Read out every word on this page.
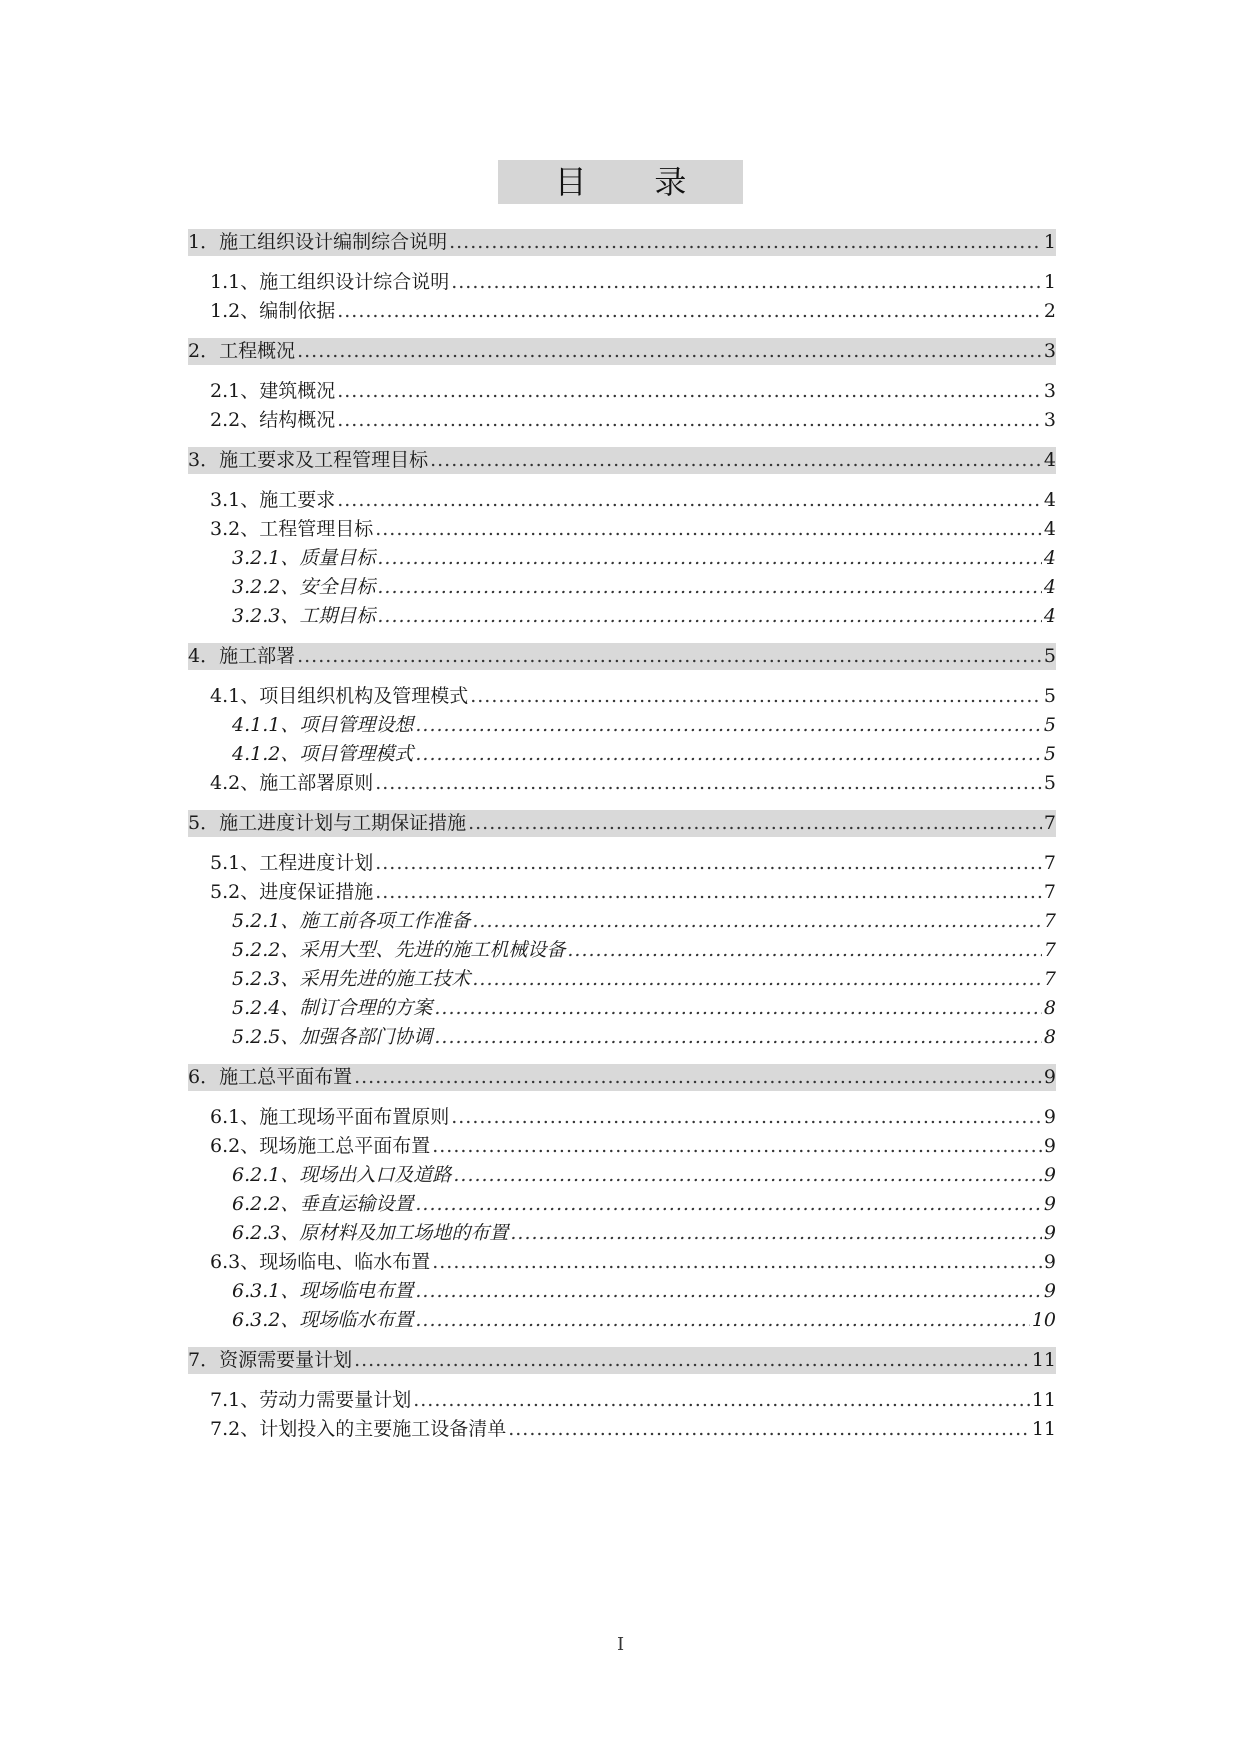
目 录
1．施工组织设计编制综合说明 .....	1
1.1、施工组织设计综合说明 .....	1
1.2、编制依据 .....	2
2．工程概况 .....	3
2.1、建筑概况 .....	3
2.2、结构概况 .....	3
3．施工要求及工程管理目标 .....	4
3.1、施工要求 .....	4
3.2、工程管理目标 .....	4
3.2.1、质量目标 .....	4
3.2.2、安全目标 .....	4
3.2.3、工期目标 .....	4
4．施工部署 .....	5
4.1、项目组织机构及管理模式 .....	5
4.1.1、项目管理设想 .....	5
4.1.2、项目管理模式 .....	5
4.2、施工部署原则 .....	5
5．施工进度计划与工期保证措施 .....	7
5.1、工程进度计划 .....	7
5.2、进度保证措施 .....	7
5.2.1、施工前各项工作准备 .....	7
5.2.2、采用大型、先进的施工机械设备 .....	7
5.2.3、采用先进的施工技术 .....	7
5.2.4、制订合理的方案 .....	8
5.2.5、加强各部门协调 .....	8
6．施工总平面布置 .....	9
6.1、施工现场平面布置原则 .....	9
6.2、现场施工总平面布置 .....	9
6.2.1、现场出入口及道路 .....	9
6.2.2、垂直运输设置 .....	9
6.2.3、原材料及加工场地的布置 .....	9
6.3、现场临电、临水布置 .....	9
6.3.1、现场临电布置 .....	9
6.3.2、现场临水布置 .....	10
7．资源需要量计划 .....	11
7.1、劳动力需要量计划 .....	11
7.2、计划投入的主要施工设备清单 .....	11
I
